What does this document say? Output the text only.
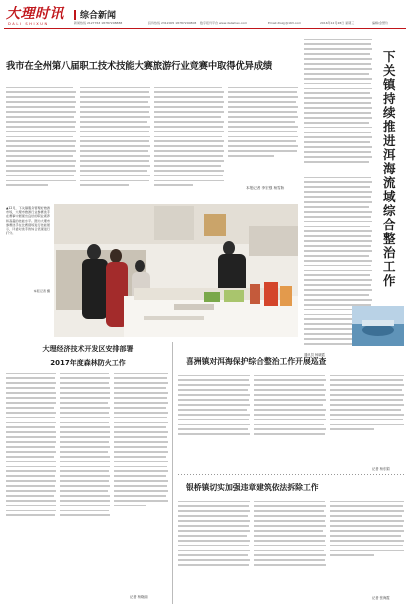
大理时讯
DALI SHIXUN
综合新闻
新闻热线 2127763 18787208888	投诉热线 2312005 18787200808 数字报刊平台 www.daliehao.com	Email:dlsxjj@163.com	2016年12月28日 星期三	编辑/金慧玲
我市在全州第八届职工技术技能大赛旅游行业竞赛中取得优异成绩
本报记者 李宏强 杨雪娇
▲12月，下关镇服务管理好旅游市场，大理市旅游行业参赛选手在赛事中展现出良好的职业素养和高超的技能水平。图为大理市参赛选手在比赛现场进行技能展示，评委对选手的综合表现进行打分。
本报记者 摄
下关镇持续推进洱海流域综合整治工作
通讯员 杨晓霞
大理经济技术开发区安排部署
2017年度森林防火工作
记者 杨晓丽
喜洲镇对洱海保护综合整治工作开展巡查
记者 杨东娟
银桥镇切实加强违章建筑依法拆除工作
记者 张海霞
